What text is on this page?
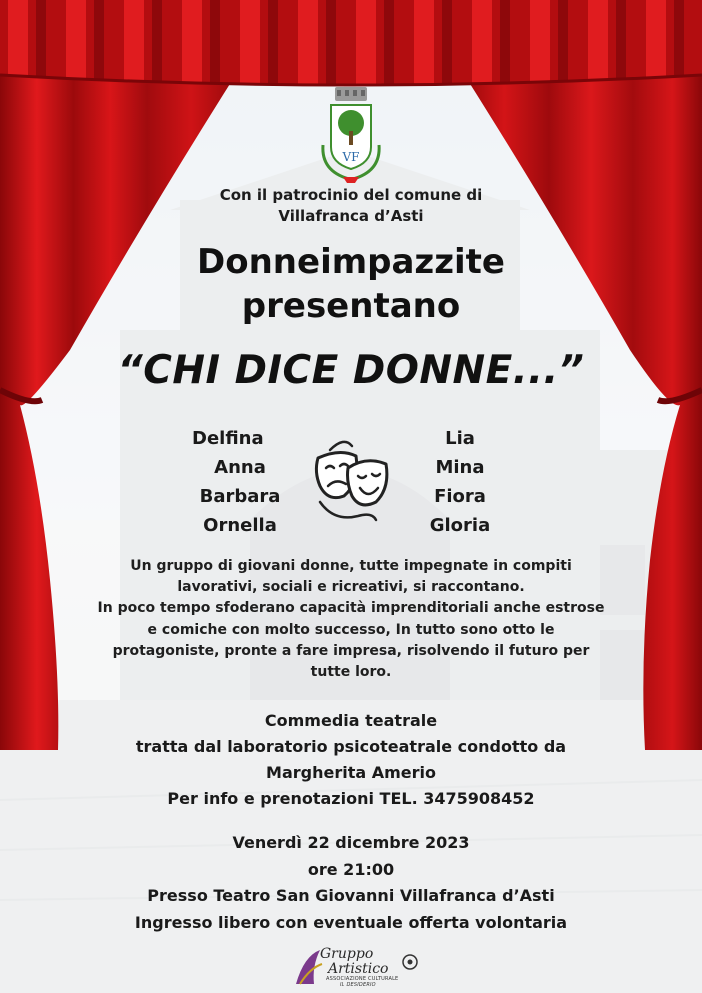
VF
Con il patrocinio del comune di
Villafranca d’Asti
Donneimpazzite
presentano
“CHI DICE DONNE...”
Delfina
Anna
Barbara
Ornella
Lia
Mina
Fiora
Gloria
Un gruppo di giovani donne, tutte impegnate in compiti
lavorativi, sociali e ricreativi, si raccontano.
In poco tempo sfoderano capacità imprenditoriali anche estrose
e comiche con molto successo, In tutto sono otto le
protagoniste, pronte a fare impresa, risolvendo il futuro per
tutte loro.
Commedia teatrale
tratta dal laboratorio psicoteatrale condotto da
Margherita Amerio
Per info e prenotazioni TEL. 3475908452
Venerdì 22 dicembre 2023
ore 21:00
Presso Teatro San Giovanni Villafranca d’Asti
Ingresso libero con eventuale offerta volontaria
Gruppo
Artistico
ASSOCIAZIONE CULTURALE
IL DESIDERIO
